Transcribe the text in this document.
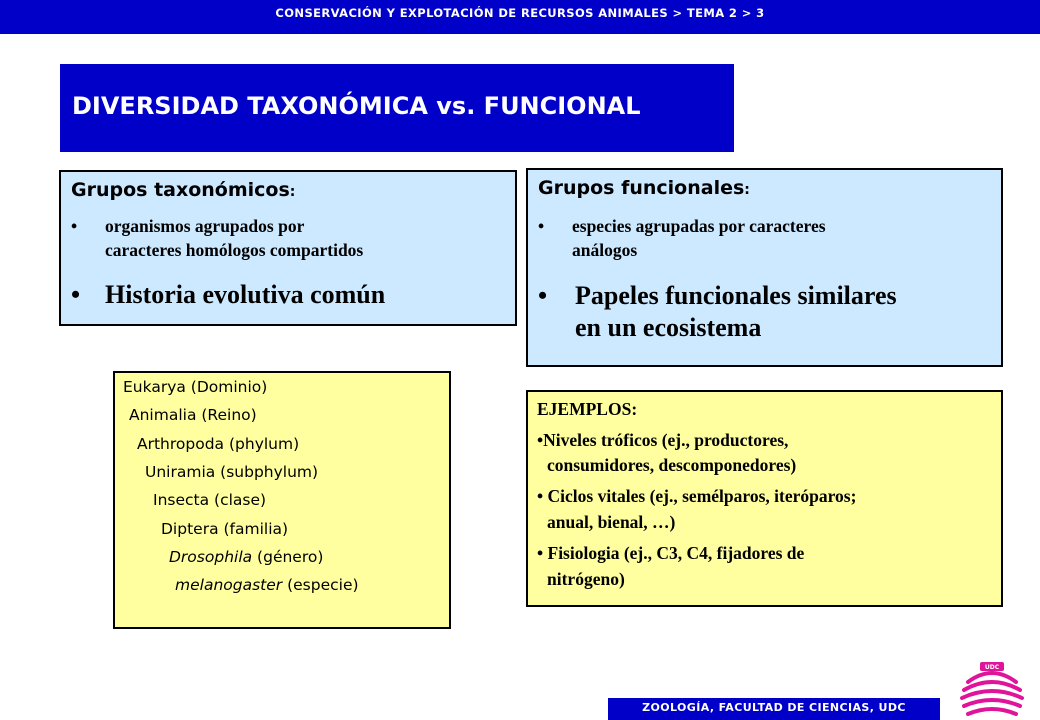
CONSERVACIÓN Y EXPLOTACIÓN DE RECURSOS ANIMALES > TEMA 2 > 3
DIVERSIDAD TAXONÓMICA vs. FUNCIONAL
Grupos taxonómicos:
• organismos agrupados por
caracteres homólogos compartidos
• Historia evolutiva común
Grupos funcionales:
• especies agrupadas por caracteres
análogos
• Papeles funcionales similares
en un ecosistema
Eukarya (Dominio)
Animalia (Reino)
Arthropoda (phylum)
Uniramia (subphylum)
Insecta (clase)
Diptera (familia)
Drosophila (género)
melanogaster (especie)
EJEMPLOS:
•Niveles tróficos (ej., productores,
consumidores, descomponedores)
• Ciclos vitales (ej., semélparos, iteróparos;
anual, bienal, …)
• Fisiologia (ej., C3, C4, fijadores de
nitrógeno)
ZOOLOGÍA, FACULTAD DE CIENCIAS, UDC
UDC
